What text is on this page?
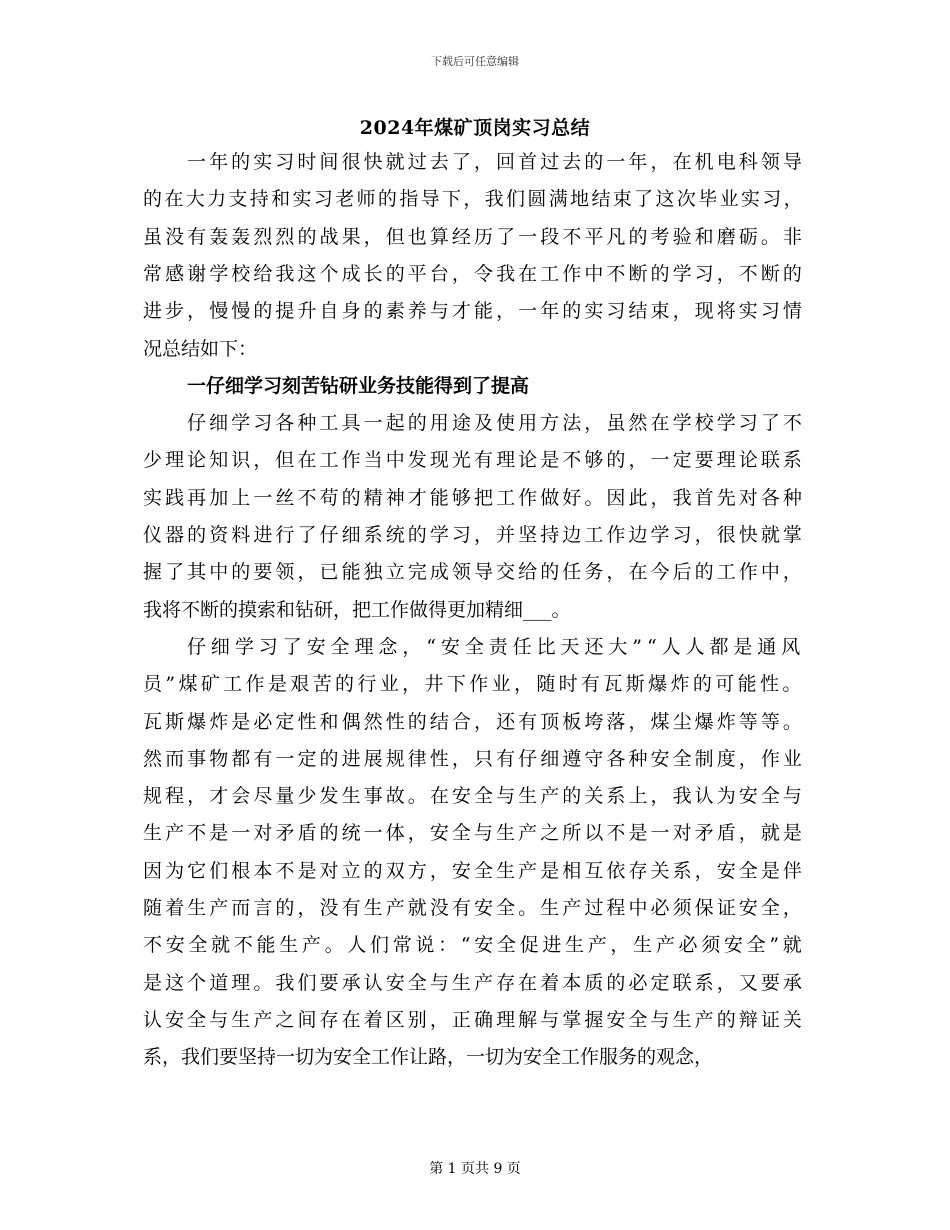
下载后可任意编辑
2024年煤矿顶岗实习总结
一年的实习时间很快就过去了，回首过去的一年，在机电科领导
的在大力支持和实习老师的指导下，我们圆满地结束了这次毕业实习，
虽没有轰轰烈烈的战果，但也算经历了一段不平凡的考验和磨砺。非
常感谢学校给我这个成长的平台，令我在工作中不断的学习，不断的
进步，慢慢的提升自身的素养与才能，一年的实习结束，现将实习情
况总结如下：
一仔细学习刻苦钻研业务技能得到了提高
仔细学习各种工具一起的用途及使用方法，虽然在学校学习了不
少理论知识，但在工作当中发现光有理论是不够的，一定要理论联系
实践再加上一丝不苟的精神才能够把工作做好。因此，我首先对各种
仪器的资料进行了仔细系统的学习，并坚持边工作边学习，很快就掌
握了其中的要领，已能独立完成领导交给的任务，在今后的工作中，
我将不断的摸索和钻研，把工作做得更加精细___。
仔细学习了安全理念，“安全责任比天还大”“人人都是通风
员”煤矿工作是艰苦的行业，井下作业，随时有瓦斯爆炸的可能性。
瓦斯爆炸是必定性和偶然性的结合，还有顶板垮落，煤尘爆炸等等。
然而事物都有一定的进展规律性，只有仔细遵守各种安全制度，作业
规程，才会尽量少发生事故。在安全与生产的关系上，我认为安全与
生产不是一对矛盾的统一体，安全与生产之所以不是一对矛盾，就是
因为它们根本不是对立的双方，安全生产是相互依存关系，安全是伴
随着生产而言的，没有生产就没有安全。生产过程中必须保证安全，
不安全就不能生产。人们常说：“安全促进生产，生产必须安全”就
是这个道理。我们要承认安全与生产存在着本质的必定联系，又要承
认安全与生产之间存在着区别，正确理解与掌握安全与生产的辩证关
系，我们要坚持一切为安全工作让路，一切为安全工作服务的观念，
第 1 页共 9 页
